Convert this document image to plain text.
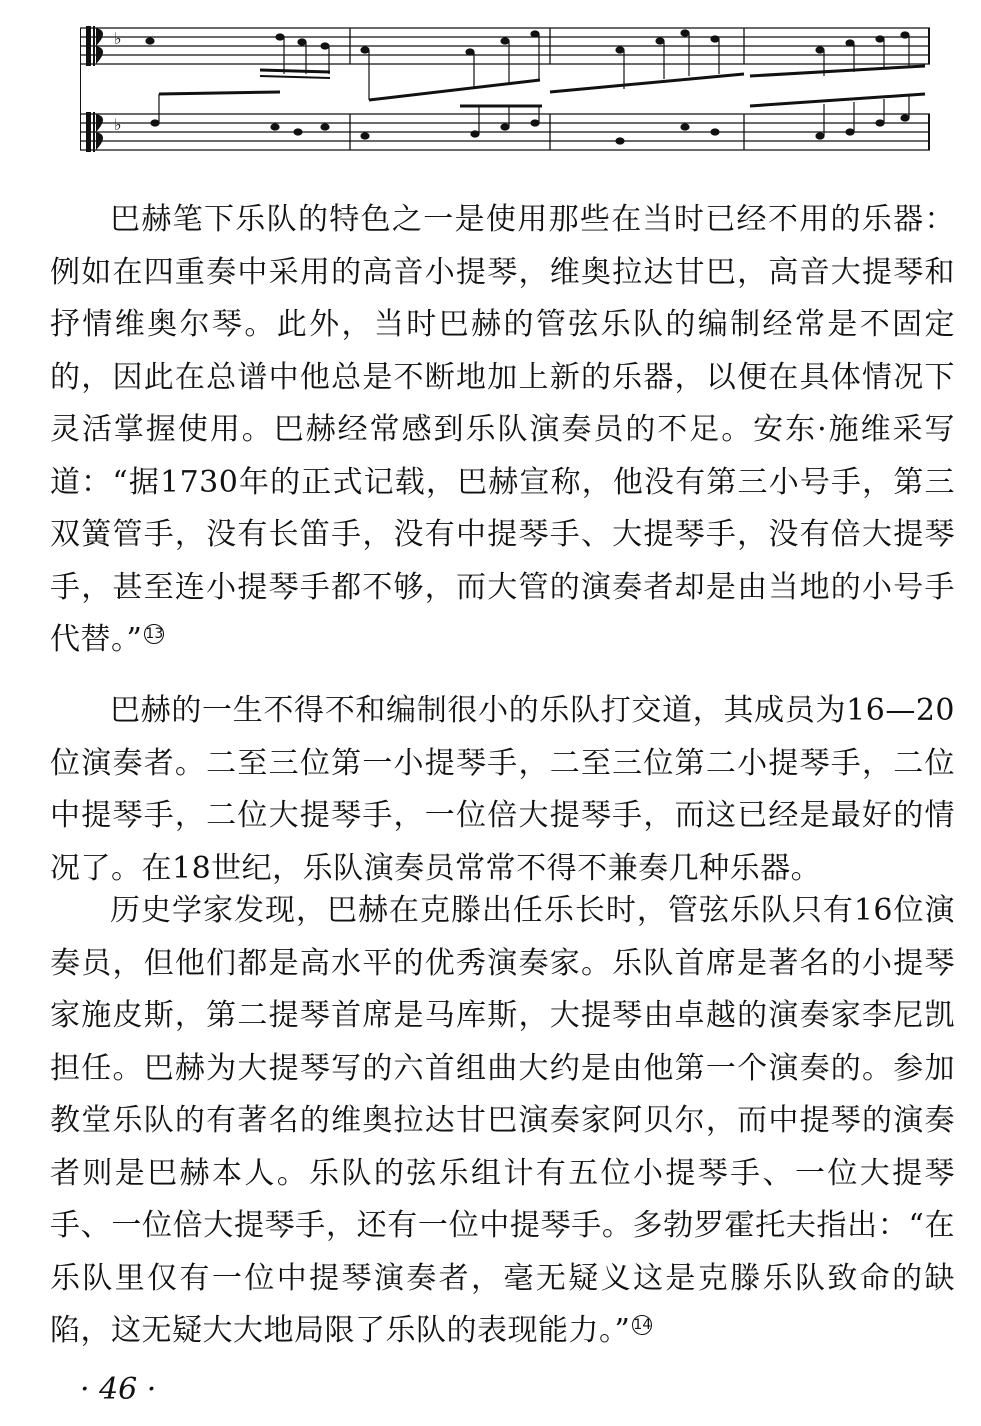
♭
♭

巴赫笔下乐队的特色之一是使用那些在当时已经不用的乐器：例如在四重奏中采用的高音小提琴，维奥拉达甘巴，高音大提琴和抒情维奥尔琴。此外，当时巴赫的管弦乐队的编制经常是不固定的，因此在总谱中他总是不断地加上新的乐器，以便在具体情况下灵活掌握使用。巴赫经常感到乐队演奏员的不足。安东·施维采写道：“据1730年的正式记载，巴赫宣称，他没有第三小号手，第三双簧管手，没有长笛手，没有中提琴手、大提琴手，没有倍大提琴手，甚至连小提琴手都不够，而大管的演奏者却是由当地的小号手代替。” 13

巴赫的一生不得不和编制很小的乐队打交道，其成员为16—20位演奏者。二至三位第一小提琴手，二至三位第二小提琴手，二位中提琴手，二位大提琴手，一位倍大提琴手，而这已经是最好的情况了。在18世纪，乐队演奏员常常不得不兼奏几种乐器。

历史学家发现，巴赫在克滕出任乐长时，管弦乐队只有16位演奏员，但他们都是高水平的优秀演奏家。乐队首席是著名的小提琴家施皮斯，第二提琴首席是马库斯，大提琴由卓越的演奏家李尼凯担任。巴赫为大提琴写的六首组曲大约是由他第一个演奏的。参加教堂乐队的有著名的维奥拉达甘巴演奏家阿贝尔，而中提琴的演奏者则是巴赫本人。乐队的弦乐组计有五位小提琴手、一位大提琴手、一位倍大提琴手，还有一位中提琴手。多勃罗霍托夫指出：“在乐队里仅有一位中提琴演奏者，毫无疑义这是克滕乐队致命的缺陷，这无疑大大地局限了乐队的表现能力。” 14

· 46 ·
